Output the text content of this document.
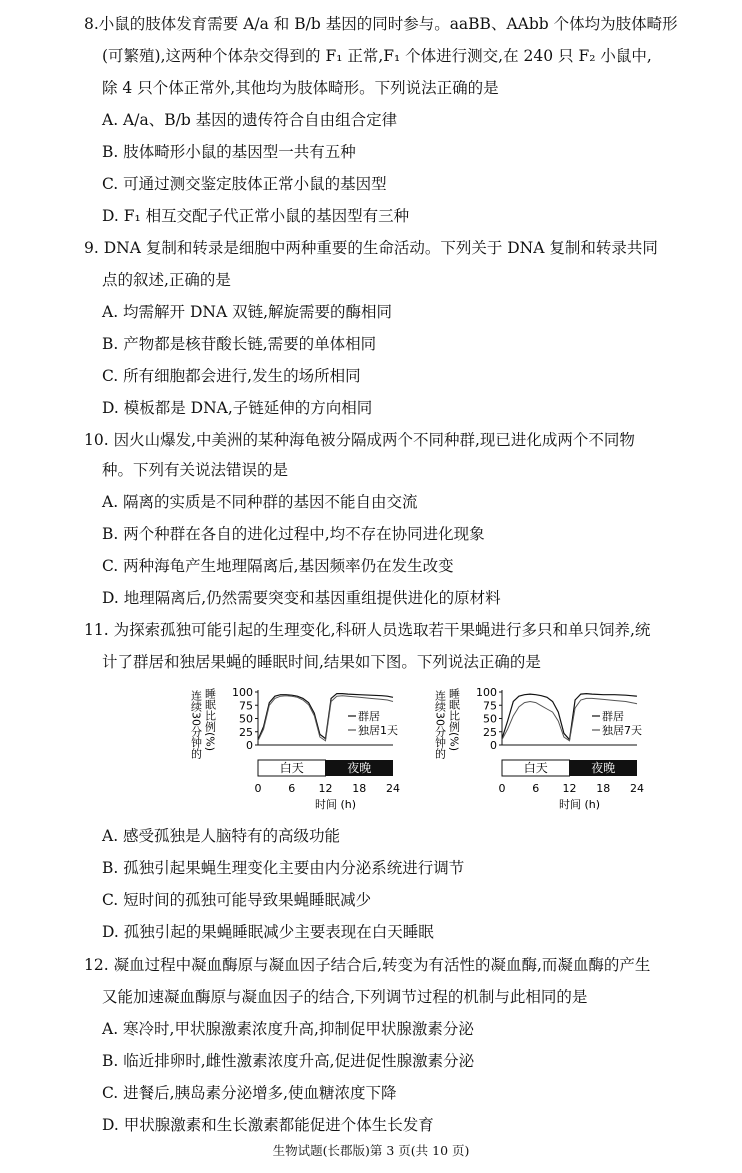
8.小鼠的肢体发育需要 A/a 和 B/b 基因的同时参与。aaBB、AAbb 个体均为肢体畸形
(可繁殖),这两种个体杂交得到的 F₁ 正常,F₁ 个体进行测交,在 240 只 F₂ 小鼠中,
除 4 只个体正常外,其他均为肢体畸形。下列说法正确的是
A. A/a、B/b 基因的遗传符合自由组合定律
B. 肢体畸形小鼠的基因型一共有五种
C. 可通过测交鉴定肢体正常小鼠的基因型
D. F₁ 相互交配子代正常小鼠的基因型有三种
9. DNA 复制和转录是细胞中两种重要的生命活动。下列关于 DNA 复制和转录共同
点的叙述,正确的是
A. 均需解开 DNA 双链,解旋需要的酶相同
B. 产物都是核苷酸长链,需要的单体相同
C. 所有细胞都会进行,发生的场所相同
D. 模板都是 DNA,子链延伸的方向相同
10. 因火山爆发,中美洲的某种海龟被分隔成两个不同种群,现已进化成两个不同物
种。下列有关说法错误的是
A. 隔离的实质是不同种群的基因不能自由交流
B. 两个种群在各自的进化过程中,均不存在协同进化现象
C. 两种海龟产生地理隔离后,基因频率仍在发生改变
D. 地理隔离后,仍然需要突变和基因重组提供进化的原材料
11. 为探索孤独可能引起的生理变化,科研人员选取若干果蝇进行多只和单只饲养,统
计了群居和独居果蝇的睡眠时间,结果如下图。下列说法正确的是
连续30分钟的 睡眠比例(%)	0
25
50
75
100
群居
独居1天
白天	夜晚
0 6 12 18 24
时间 (h)
连续30分钟的 睡眠比例(%)	0
25
50
75
100
群居
独居7天
白天	夜晚
0 6 12 18 24
时间 (h)
A. 感受孤独是人脑特有的高级功能
B. 孤独引起果蝇生理变化主要由内分泌系统进行调节
C. 短时间的孤独可能导致果蝇睡眠减少
D. 孤独引起的果蝇睡眠减少主要表现在白天睡眠
12. 凝血过程中凝血酶原与凝血因子结合后,转变为有活性的凝血酶,而凝血酶的产生
又能加速凝血酶原与凝血因子的结合,下列调节过程的机制与此相同的是
A. 寒冷时,甲状腺激素浓度升高,抑制促甲状腺激素分泌
B. 临近排卵时,雌性激素浓度升高,促进促性腺激素分泌
C. 进餐后,胰岛素分泌增多,使血糖浓度下降
D. 甲状腺激素和生长激素都能促进个体生长发育
生物试题(长郡版)第 3 页(共 10 页)
